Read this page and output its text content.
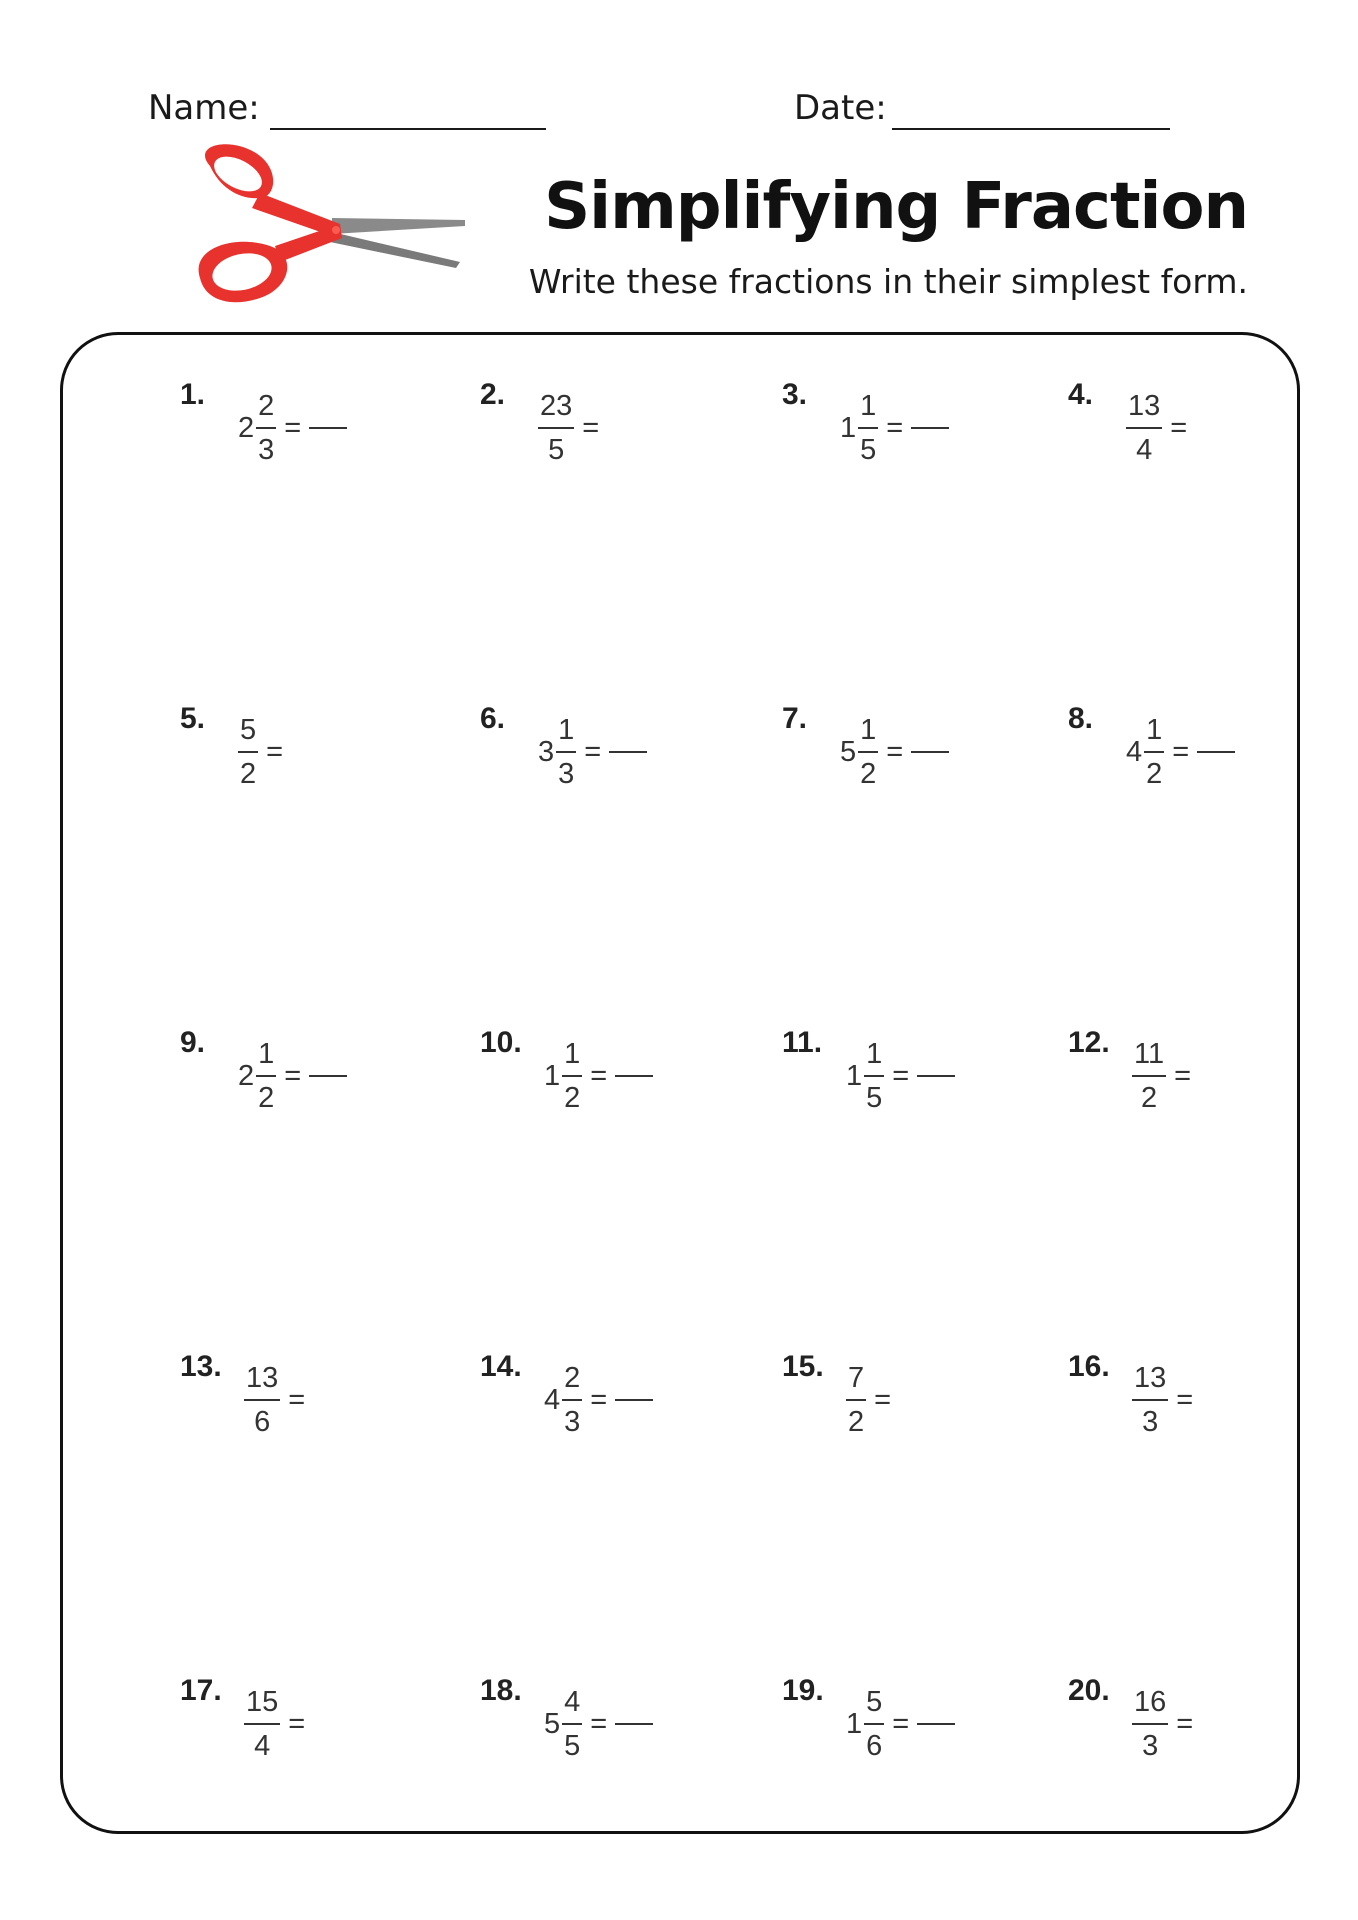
Name:	Date:
Simplifying Fraction
Write these fractions in their simplest form.
1.
$2 \frac{2}{3}$ =
2. $\frac{23}{5}$ =
3.
$1 \frac{1}{5}$ =
4. $\frac{13}{4}$ =
5. $\frac{5}{2}$ =
6.
$3 \frac{1}{3}$ =
7.
$5 \frac{1}{2}$ =
8.
$4 \frac{1}{2}$ =
9.
$2 \frac{1}{2}$ =
10.
$1 \frac{1}{2}$ =
11.
$1 \frac{1}{5}$ =
12. $\frac{11}{2}$ =
13. $\frac{13}{6}$ =
14.
$4 \frac{2}{3}$ =
15. $\frac{7}{2}$ =
16. $\frac{13}{3}$ =
17. $\frac{15}{4}$ =
18.
$5 \frac{4}{5}$ =
19.
$1 \frac{5}{6}$ =
20. $\frac{16}{3}$ =
